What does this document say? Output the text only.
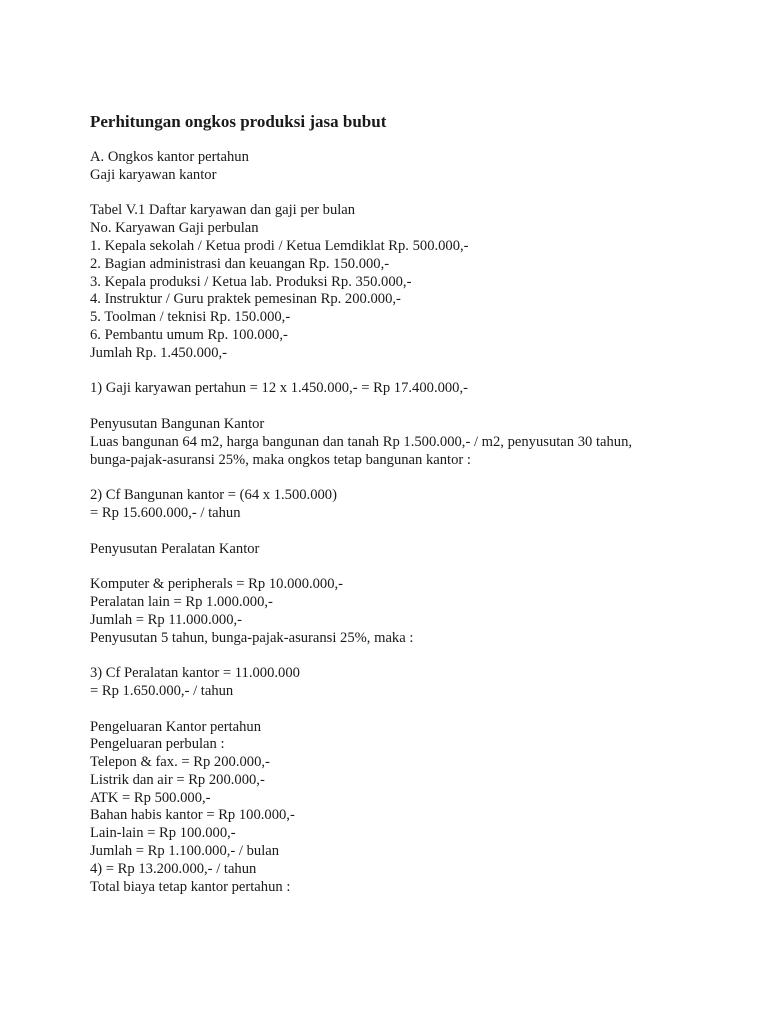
Perhitungan ongkos produksi jasa bubut
A. Ongkos kantor pertahun
Gaji karyawan kantor
Tabel V.1 Daftar karyawan dan gaji per bulan
No. Karyawan Gaji perbulan
1. Kepala sekolah / Ketua prodi / Ketua Lemdiklat Rp. 500.000,-
2. Bagian administrasi dan keuangan Rp. 150.000,-
3. Kepala produksi / Ketua lab. Produksi Rp. 350.000,-
4. Instruktur / Guru praktek pemesinan Rp. 200.000,-
5. Toolman / teknisi Rp. 150.000,-
6. Pembantu umum Rp. 100.000,-
Jumlah Rp. 1.450.000,-
1) Gaji karyawan pertahun = 12 x 1.450.000,- = Rp 17.400.000,-
Penyusutan Bangunan Kantor
Luas bangunan 64 m2, harga bangunan dan tanah Rp 1.500.000,- / m2, penyusutan 30 tahun,
bunga-pajak-asuransi 25%, maka ongkos tetap bangunan kantor :
2) Cf Bangunan kantor = (64 x 1.500.000)
= Rp 15.600.000,- / tahun
Penyusutan Peralatan Kantor
Komputer & peripherals = Rp 10.000.000,-
Peralatan lain = Rp 1.000.000,-
Jumlah = Rp 11.000.000,-
Penyusutan 5 tahun, bunga-pajak-asuransi 25%, maka :
3) Cf Peralatan kantor = 11.000.000
= Rp 1.650.000,- / tahun
Pengeluaran Kantor pertahun
Pengeluaran perbulan :
Telepon & fax. = Rp 200.000,-
Listrik dan air = Rp 200.000,-
ATK = Rp 500.000,-
Bahan habis kantor = Rp 100.000,-
Lain-lain = Rp 100.000,-
Jumlah = Rp 1.100.000,- / bulan
4) = Rp 13.200.000,- / tahun
Total biaya tetap kantor pertahun :
